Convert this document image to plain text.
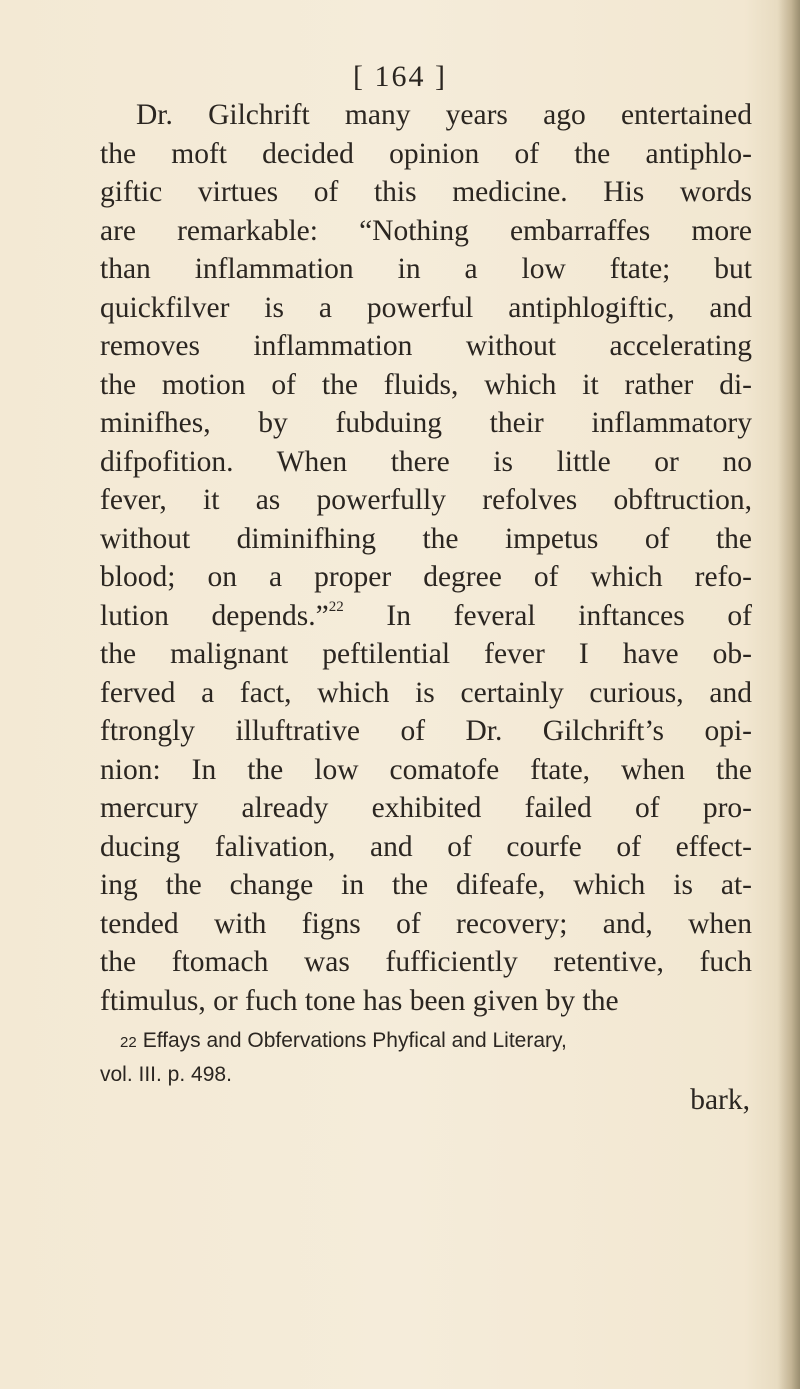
[ 164 ]
Dr. Gilchrift many years ago entertained
the moft decided opinion of the antiphlo-
giftic virtues of this medicine. His words
are remarkable: “Nothing embarraffes more
than inflammation in a low ftate; but
quickfilver is a powerful antiphlogiftic, and
removes inflammation without accelerating
the motion of the fluids, which it rather di-
minifhes, by fubduing their inflammatory
difpofition. When there is little or no
fever, it as powerfully refolves obftruction,
without diminifhing the impetus of the
blood; on a proper degree of which refo-
lution depends.”$^{22}$ In feveral inftances of
the malignant peftilential fever I have ob-
ferved a fact, which is certainly curious, and
ftrongly illuftrative of Dr. Gilchrift’s opi-
nion: In the low comatofe ftate, when the
mercury already exhibited failed of pro-
ducing falivation, and of courfe of effect-
ing the change in the difeafe, which is at-
tended with figns of recovery; and, when
the ftomach was fufficiently retentive, fuch
ftimulus, or fuch tone has been given by the
22 Effays and Obfervations Phyfical and Literary,
vol. III. p. 498.
bark,
